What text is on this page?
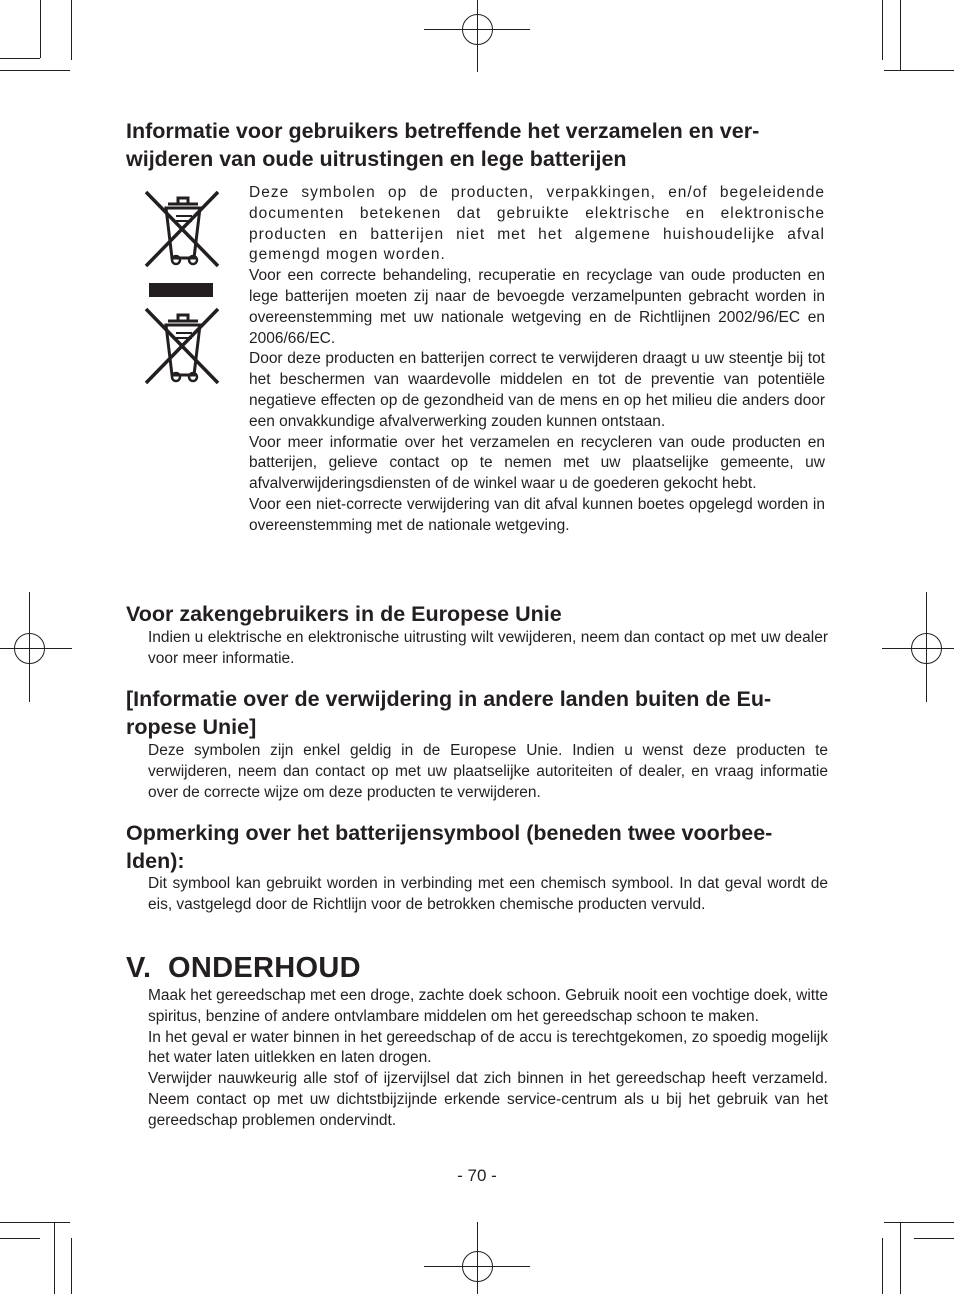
Informatie voor gebruikers betreffende het verzamelen en ver-
wijderen van oude uitrustingen en lege batterijen

Deze symbolen op de producten, verpakkingen, en/of begeleidende documenten betekenen dat gebruikte elektrische en elektronische producten en batterijen niet met het algemene huishoudelijke afval gemengd mogen worden.

Voor een correcte behandeling, recuperatie en recyclage van oude producten en lege batterijen moeten zij naar de bevoegde verzamelpunten gebracht worden in overeenstemming met uw nationale wetgeving en de Richtlijnen 2002/96/EC en 2006/66/EC.

Door deze producten en batterijen correct te verwijderen draagt u uw steentje bij tot het beschermen van waardevolle middelen en tot de preventie van potentiële negatieve effecten op de gezondheid van de mens en op het milieu die anders door een onvakkundige afvalverwerking zouden kunnen ontstaan.

Voor meer informatie over het verzamelen en recycleren van oude producten en batterijen, gelieve contact op te nemen met uw plaatselijke gemeente, uw afvalverwijderingsdiensten of de winkel waar u de goederen gekocht hebt.

Voor een niet-correcte verwijdering van dit afval kunnen boetes opgelegd worden in overeenstemming met de nationale wetgeving.

Voor zakengebruikers in de Europese Unie

Indien u elektrische en elektronische uitrusting wilt vewijderen, neem dan contact op met uw dealer voor meer informatie.

[Informatie over de verwijdering in andere landen buiten de Eu-
ropese Unie]

Deze symbolen zijn enkel geldig in de Europese Unie. Indien u wenst deze producten te verwijderen, neem dan contact op met uw plaatselijke autoriteiten of dealer, en vraag informatie over de correcte wijze om deze producten te verwijderen.

Opmerking over het batterijensymbool (beneden twee voorbee-
lden):

Dit symbool kan gebruikt worden in verbinding met een chemisch symbool. In dat geval wordt de eis, vastgelegd door de Richtlijn voor de betrokken chemische producten vervuld.

V.  ONDERHOUD

Maak het gereedschap met een droge, zachte doek schoon. Gebruik nooit een vochtige doek, witte spiritus, benzine of andere ontvlambare middelen om het gereedschap schoon te maken.

In het geval er water binnen in het gereedschap of de accu is terechtgekomen, zo spoedig mogelijk het water laten uitlekken en laten drogen.

Verwijder nauwkeurig alle stof of ijzervijlsel dat zich binnen in het gereedschap heeft verzameld. Neem contact op met uw dichtstbijzijnde erkende service-centrum als u bij het gebruik van het gereedschap problemen ondervindt.

- 70 -
